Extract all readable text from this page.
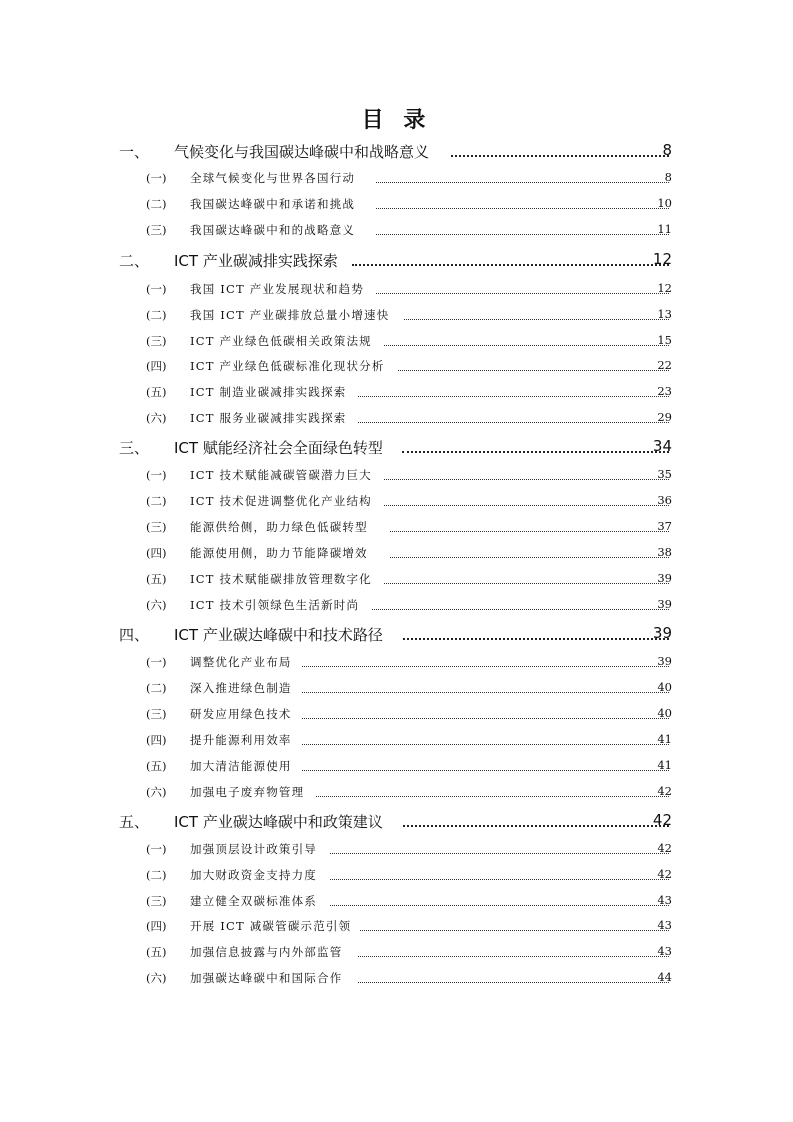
目 录
一、 气候变化与我国碳达峰碳中和战略意义	8
(一) 全球气候变化与世界各国行动	8
(二) 我国碳达峰碳中和承诺和挑战	10
(三) 我国碳达峰碳中和的战略意义	11
二、 ICT 产业碳减排实践探索	12
(一) 我国 ICT 产业发展现状和趋势	12
(二) 我国 ICT 产业碳排放总量小增速快	13
(三) ICT 产业绿色低碳相关政策法规	15
(四) ICT 产业绿色低碳标准化现状分析	22
(五) ICT 制造业碳减排实践探索	23
(六) ICT 服务业碳减排实践探索	29
三、 ICT 赋能经济社会全面绿色转型	34
(一) ICT 技术赋能减碳管碳潜力巨大	35
(二) ICT 技术促进调整优化产业结构	36
(三) 能源供给侧，助力绿色低碳转型	37
(四) 能源使用侧，助力节能降碳增效	38
(五) ICT 技术赋能碳排放管理数字化	39
(六) ICT 技术引领绿色生活新时尚	39
四、 ICT 产业碳达峰碳中和技术路径	39
(一) 调整优化产业布局	39
(二) 深入推进绿色制造	40
(三) 研发应用绿色技术	40
(四) 提升能源利用效率	41
(五) 加大清洁能源使用	41
(六) 加强电子废弃物管理	42
五、 ICT 产业碳达峰碳中和政策建议	42
(一) 加强顶层设计政策引导	42
(二) 加大财政资金支持力度	42
(三) 建立健全双碳标准体系	43
(四) 开展 ICT 减碳管碳示范引领	43
(五) 加强信息披露与内外部监管	43
(六) 加强碳达峰碳中和国际合作	44
